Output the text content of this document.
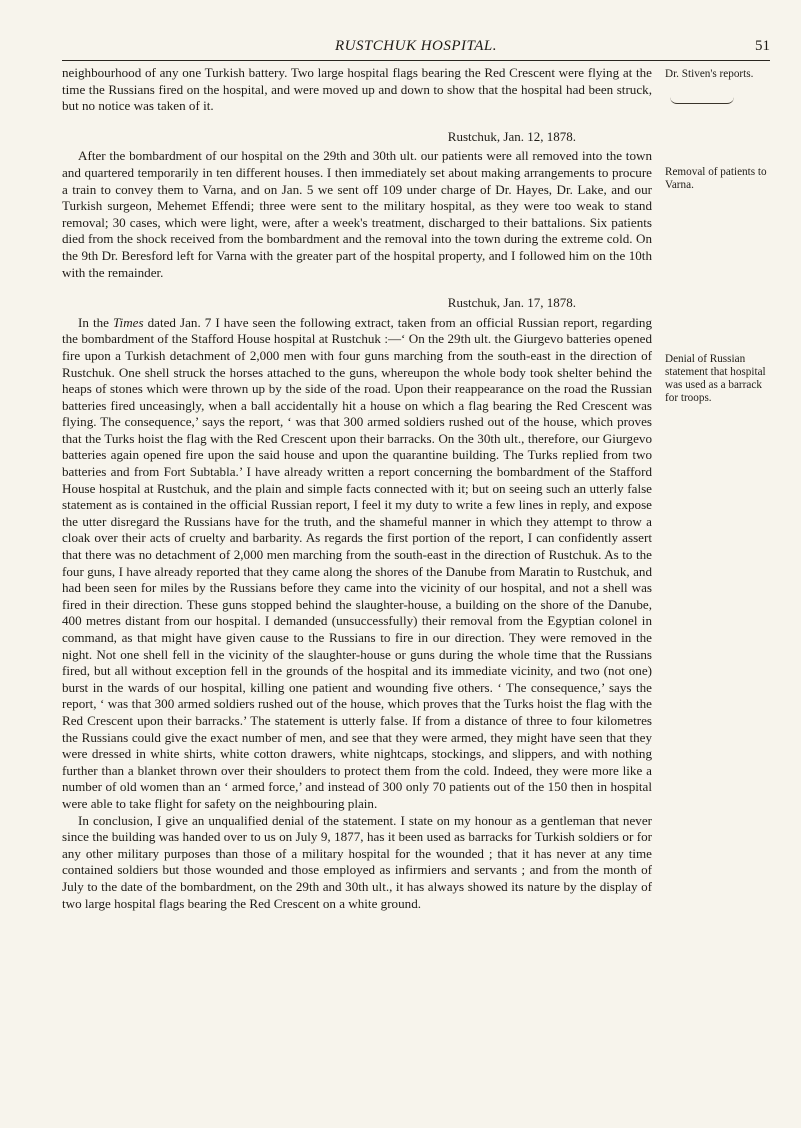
RUSTCHUK HOSPITAL.	51
Dr. Stiven's reports.
Removal of patients to Varna.
Denial of Russian statement that hospital was used as a barrack for troops.

neighbourhood of any one Turkish battery. Two large hospital flags bearing the Red Crescent were flying at the time the Russians fired on the hospital, and were moved up and down to show that the hospital had been struck, but no notice was taken of it.

Rustchuk, Jan. 12, 1878.

After the bombardment of our hospital on the 29th and 30th ult. our patients were all removed into the town and quartered temporarily in ten different houses. I then immediately set about making arrangements to procure a train to convey them to Varna, and on Jan. 5 we sent off 109 under charge of Dr. Hayes, Dr. Lake, and our Turkish surgeon, Mehemet Effendi; three were sent to the military hospital, as they were too weak to stand removal; 30 cases, which were light, were, after a week's treatment, discharged to their battalions. Six patients died from the shock received from the bombardment and the removal into the town during the extreme cold. On the 9th Dr. Beresford left for Varna with the greater part of the hospital property, and I followed him on the 10th with the remainder.

Rustchuk, Jan. 17, 1878.

In the Times dated Jan. 7 I have seen the following extract, taken from an official Russian report, regarding the bombardment of the Stafford House hospital at Rustchuk :—‘ On the 29th ult. the Giurgevo batteries opened fire upon a Turkish detachment of 2,000 men with four guns marching from the south-east in the direction of Rustchuk. One shell struck the horses attached to the guns, whereupon the whole body took shelter behind the heaps of stones which were thrown up by the side of the road. Upon their reappearance on the road the Russian batteries fired unceasingly, when a ball accidentally hit a house on which a flag bearing the Red Crescent was flying. The consequence,’ says the report, ‘ was that 300 armed soldiers rushed out of the house, which proves that the Turks hoist the flag with the Red Crescent upon their barracks. On the 30th ult., therefore, our Giurgevo batteries again opened fire upon the said house and upon the quarantine building. The Turks replied from two batteries and from Fort Subtabla.’ I have already written a report concerning the bombardment of the Stafford House hospital at Rustchuk, and the plain and simple facts connected with it; but on seeing such an utterly false statement as is contained in the official Russian report, I feel it my duty to write a few lines in reply, and expose the utter disregard the Russians have for the truth, and the shameful manner in which they attempt to throw a cloak over their acts of cruelty and barbarity. As regards the first portion of the report, I can confidently assert that there was no detachment of 2,000 men marching from the south-east in the direction of Rustchuk. As to the four guns, I have already reported that they came along the shores of the Danube from Maratin to Rustchuk, and had been seen for miles by the Russians before they came into the vicinity of our hospital, and not a shell was fired in their direction. These guns stopped behind the slaughter-house, a building on the shore of the Danube, 400 metres distant from our hospital. I demanded (unsuccessfully) their removal from the Egyptian colonel in command, as that might have given cause to the Russians to fire in our direction. They were removed in the night. Not one shell fell in the vicinity of the slaughter-house or guns during the whole time that the Russians fired, but all without exception fell in the grounds of the hospital and its immediate vicinity, and two (not one) burst in the wards of our hospital, killing one patient and wounding five others. ‘ The consequence,’ says the report, ‘ was that 300 armed soldiers rushed out of the house, which proves that the Turks hoist the flag with the Red Crescent upon their barracks.’ The statement is utterly false. If from a distance of three to four kilometres the Russians could give the exact number of men, and see that they were armed, they might have seen that they were dressed in white shirts, white cotton drawers, white nightcaps, stockings, and slippers, and with nothing further than a blanket thrown over their shoulders to protect them from the cold. Indeed, they were more like a number of old women than an ‘ armed force,’ and instead of 300 only 70 patients out of the 150 then in hospital were able to take flight for safety on the neighbouring plain.

In conclusion, I give an unqualified denial of the statement. I state on my honour as a gentleman that never since the building was handed over to us on July 9, 1877, has it been used as barracks for Turkish soldiers or for any other military purposes than those of a military hospital for the wounded ; that it has never at any time contained soldiers but those wounded and those employed as infirmiers and servants ; and from the month of July to the date of the bombardment, on the 29th and 30th ult., it has always showed its nature by the display of two large hospital flags bearing the Red Crescent on a white ground.
